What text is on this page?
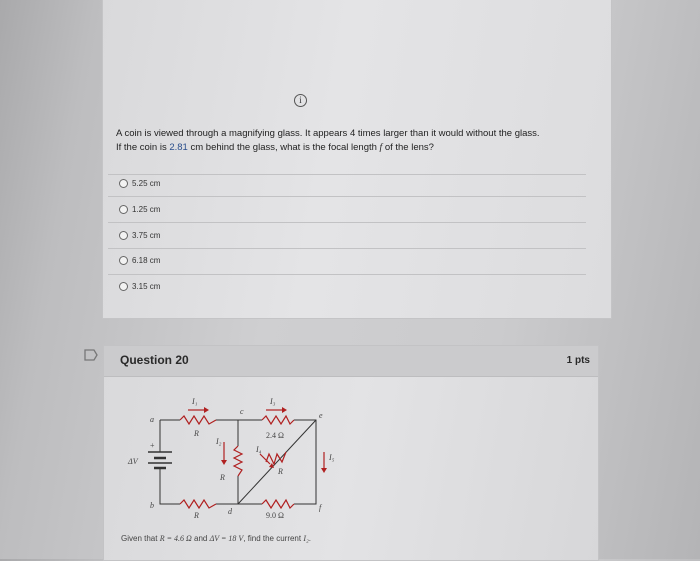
i
A coin is viewed through a magnifying glass. It appears 4 times larger than it would without the glass.
If the coin is 2.81 cm behind the glass, what is the focal length f of the lens?
5.25 cm
1.25 cm
3.75 cm
6.18 cm
3.15 cm
Question 20	1 pts
a
b
c
d
e
f
I₁	I₃
I₂
I₄
I₅
R
R
R
R
ΔV
+
2.4 Ω
9.0 Ω
Given that R = 4.6 Ω and ΔV = 18 V, find the current I₂.
